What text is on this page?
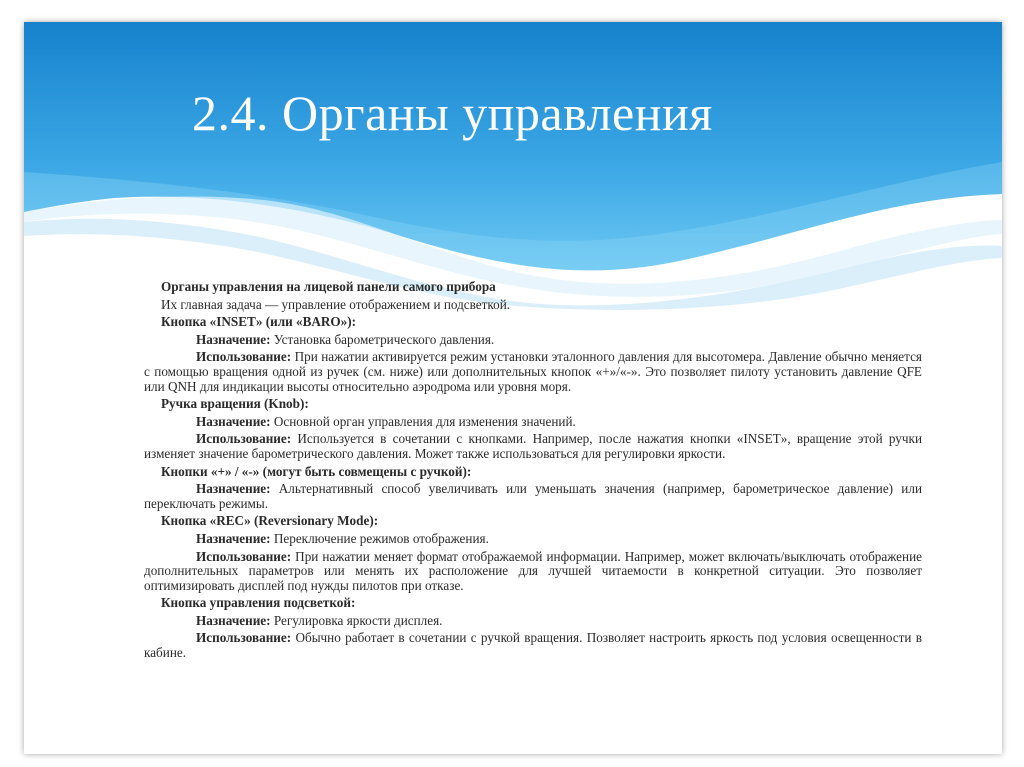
2.4. Органы управления

Органы управления на лицевой панели самого прибора

Их главная задача — управление отображением и подсветкой.

Кнопка «INSET» (или «BARO»):

Назначение: Установка барометрического давления.

Использование: При нажатии активируется режим установки эталонного давления для высотомера. Давление обычно меняется с помощью вращения одной из ручек (см. ниже) или дополнительных кнопок «+»/«-». Это позволяет пилоту установить давление QFE или QNH для индикации высоты относительно аэродрома или уровня моря.

Ручка вращения (Knob):

Назначение: Основной орган управления для изменения значений.

Использование: Используется в сочетании с кнопками. Например, после нажатия кнопки «INSET», вращение этой ручки изменяет значение барометрического давления. Может также использоваться для регулировки яркости.

Кнопки «+» / «-» (могут быть совмещены с ручкой):

Назначение: Альтернативный способ увеличивать или уменьшать значения (например, барометрическое давление) или переключать режимы.

Кнопка «REC» (Reversionary Mode):

Назначение: Переключение режимов отображения.

Использование: При нажатии меняет формат отображаемой информации. Например, может включать/выключать отображение дополнительных параметров или менять их расположение для лучшей читаемости в конкретной ситуации. Это позволяет оптимизировать дисплей под нужды пилотов при отказе.

Кнопка управления подсветкой:

Назначение: Регулировка яркости дисплея.

Использование: Обычно работает в сочетании с ручкой вращения. Позволяет настроить яркость под условия освещенности в кабине.
